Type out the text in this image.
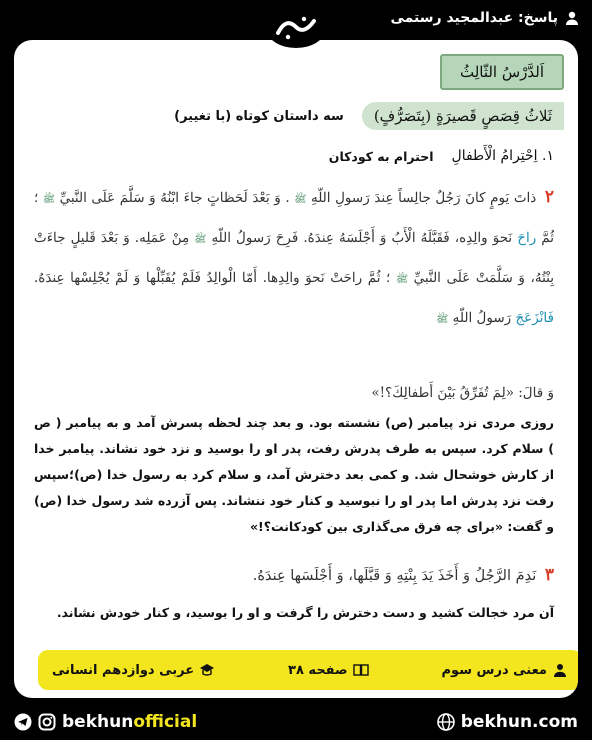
پاسخ: عبدالمجید رستمی
اَلدَّرْسُ الثّالِثُ
ثَلاثُ قِصَصٍ قَصیرَةٍ (بِتَصَرُّفٍ)
سه داستان کوتاه (با تغییر)
١. اِحْتِرامُ الْأَطفالِ
احترام به کودکان
٢ ذاتَ يَومٍ كانَ رَجُلٌ جالِساً عِندَ رَسولِ اللّهِ ﷺ . وَ بَعْدَ لَحَظاتٍ جاءَ ابْنُهُ وَ سَلَّمَ عَلَى النَّبيِّ ﷺ ؛ ثُمَّ راحَ نَحوَ والِدِه، فَقَبَّلَهُ الْأَبُ وَ أَجْلَسَهُ عِندَهُ. فَرِحَ رَسولُ اللّهِ ﷺ مِنْ عَمَلِه. وَ بَعْدَ قَليلٍ جاءَتْ بِنْتُهُ، وَ سَلَّمَتْ عَلَى النَّبيِّ ﷺ ؛ ثُمَّ راحَتْ نَحوَ والِدِها. أَمّا الْوالِدُ فَلَمْ يُقَبِّلْها وَ لَمْ يُجْلِسْها عِندَهُ. فَانْزَعَجَ رَسولُ اللّهِ ﷺ
وَ قالَ: «لِمَ تُفَرِّقُ بَيْنَ أَطفالِكَ؟!»
روزی مردی نزد پیامبر (ص) نشسته بود. و بعد چند لحظه پسرش آمد و به پیامبر ( ص ) سلام کرد. سپس به طرف پدرش رفت، پدر او را بوسید و نزد خود نشاند. پیامبر خدا از کارش خوشحال شد. و کمی بعد دخترش آمد، و سلام کرد به رسول خدا (ص)؛سپس رفت نزد پدرش اما پدر او را نبوسید و کنار خود ننشاند. پس آزرده شد رسول خدا (ص) و گفت: «برای چه فرق می‌گذاری بین کودکانت؟!»
٣ نَدِمَ الرَّجُلُ وَ أَخَذَ يَدَ بِنْتِهِ وَ قَبَّلَها، وَ أَجْلَسَها عِندَهُ.
آن مرد خجالت کشید و دست دخترش را گرفت و او را بوسید، و کنار خودش نشاند.
معنی درس سوم
صفحه ۳۸
عربی دوازدهم انسانی
bekhunofficial	bekhun.com
